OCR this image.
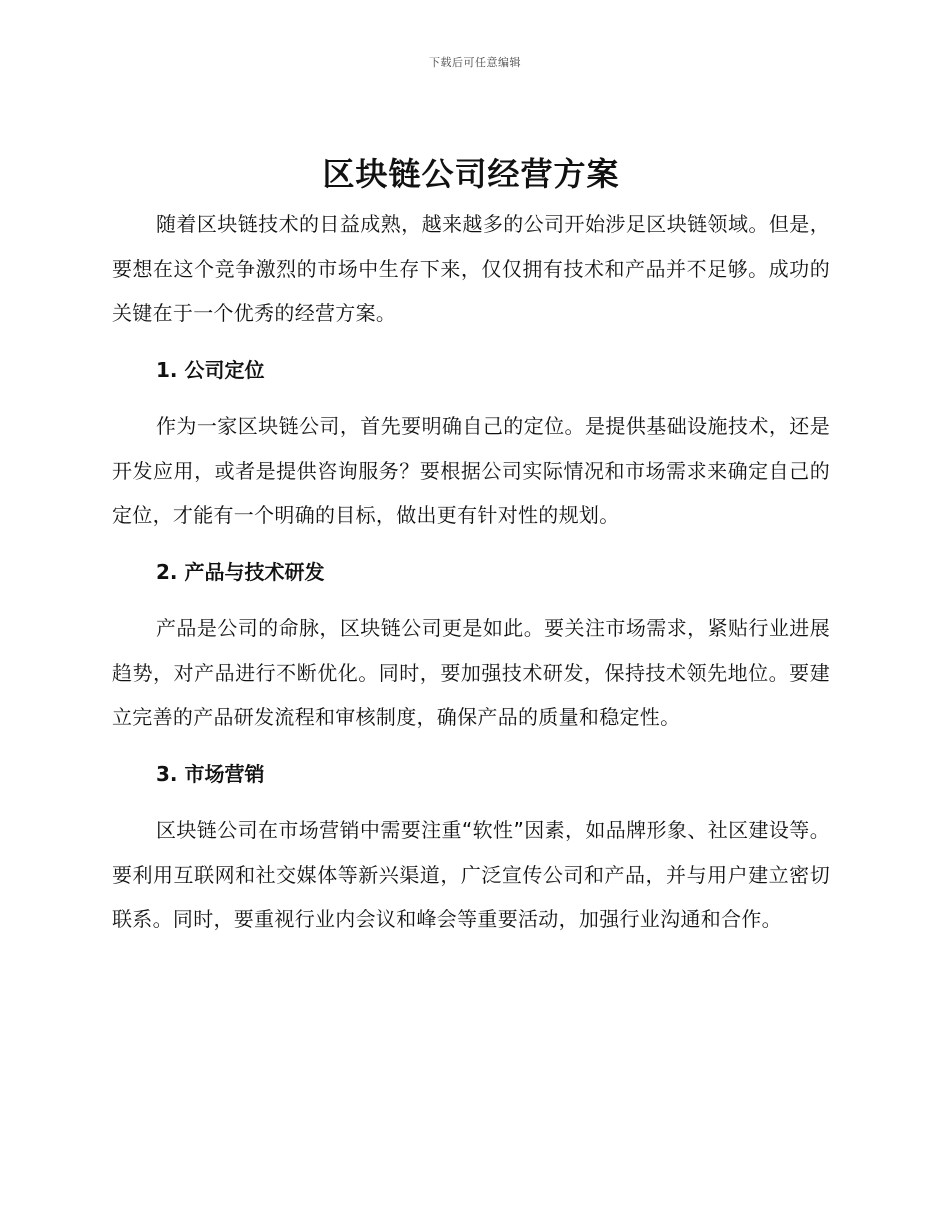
下载后可任意编辑
区块链公司经营方案

随着区块链技术的日益成熟，越来越多的公司开始涉足区块链领域。但是，要想在这个竞争激烈的市场中生存下来，仅仅拥有技术和产品并不足够。成功的关键在于一个优秀的经营方案。

1. 公司定位

作为一家区块链公司，首先要明确自己的定位。是提供基础设施技术，还是开发应用，或者是提供咨询服务？要根据公司实际情况和市场需求来确定自己的定位，才能有一个明确的目标，做出更有针对性的规划。

2. 产品与技术研发

产品是公司的命脉，区块链公司更是如此。要关注市场需求，紧贴行业进展趋势，对产品进行不断优化。同时，要加强技术研发，保持技术领先地位。要建立完善的产品研发流程和审核制度，确保产品的质量和稳定性。

3. 市场营销

区块链公司在市场营销中需要注重“软性”因素，如品牌形象、社区建设等。要利用互联网和社交媒体等新兴渠道，广泛宣传公司和产品，并与用户建立密切联系。同时，要重视行业内会议和峰会等重要活动，加强行业沟通和合作。
